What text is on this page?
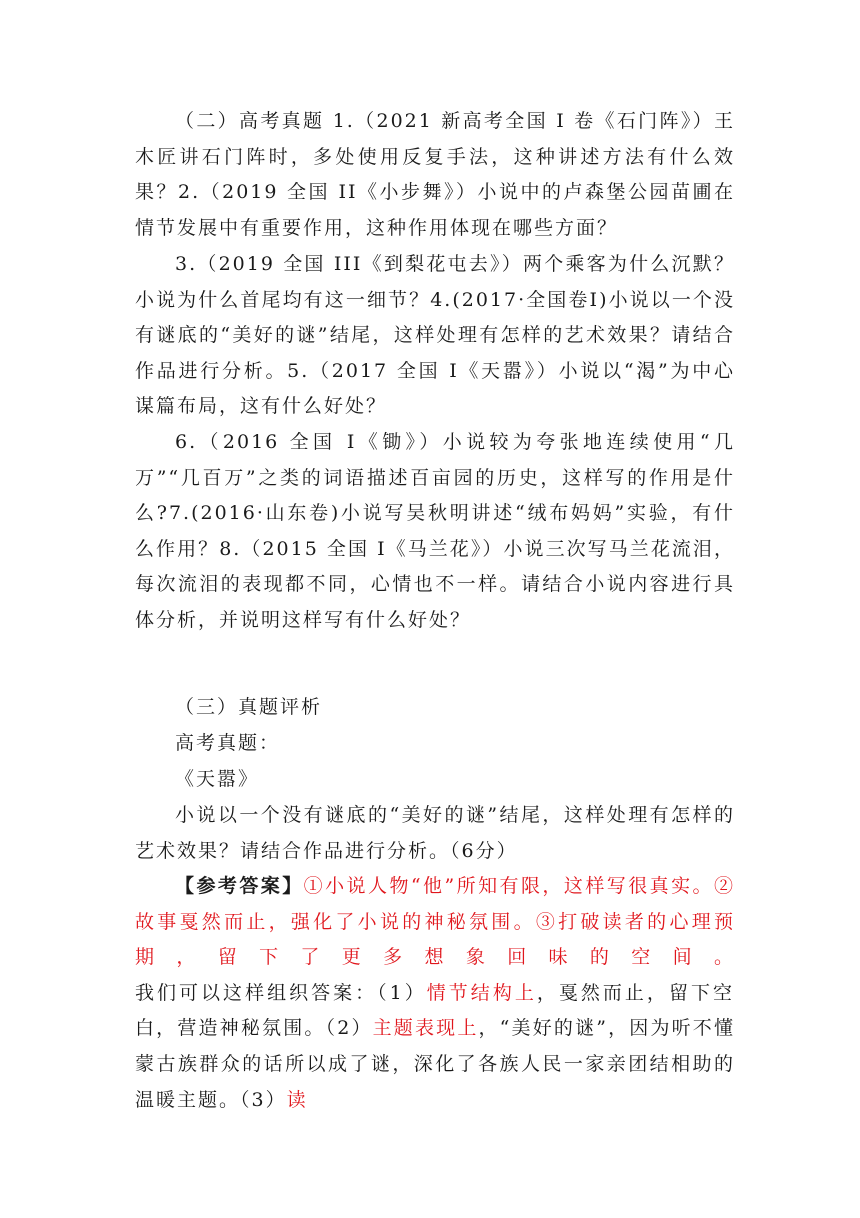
（二）高考真题 1.（2021 新高考全国 I 卷《石门阵》）王木匠讲石门阵时，多处使用反复手法，这种讲述方法有什么效果？2.（2019 全国 II《小步舞》）小说中的卢森堡公园苗圃在情节发展中有重要作用，这种作用体现在哪些方面？

3.（2019 全国 III《到梨花屯去》）两个乘客为什么沉默？小说为什么首尾均有这一细节？4.(2017·全国卷Ⅰ)小说以一个没有谜底的“美好的谜”结尾，这样处理有怎样的艺术效果？请结合作品进行分析。5.（2017 全国 I《天嚣》）小说以“渴”为中心谋篇布局，这有什么好处？

6.（2016 全国 I《锄》）小说较为夸张地连续使用“几万”“几百万”之类的词语描述百亩园的历史，这样写的作用是什么?7.(2016·山东卷)小说写吴秋明讲述“绒布妈妈”实验，有什么作用？8.（2015 全国 I《马兰花》）小说三次写马兰花流泪，每次流泪的表现都不同，心情也不一样。请结合小说内容进行具体分析，并说明这样写有什么好处？

（三）真题评析

高考真题：

《天嚣》

小说以一个没有谜底的“美好的谜”结尾，这样处理有怎样的艺术效果？请结合作品进行分析。（6分）

【参考答案】①小说人物“他”所知有限，这样写很真实。②故事戛然而止，强化了小说的神秘氛围。③打破读者的心理预期，留下了更多想象回味的空间。 我们可以这样组织答案：（1）情节结构上，戛然而止，留下空白，营造神秘氛围。（2）主题表现上，“美好的谜”，因为听不懂蒙古族群众的话所以成了谜，深化了各族人民一家亲团结相助的温暖主题。（3）读
